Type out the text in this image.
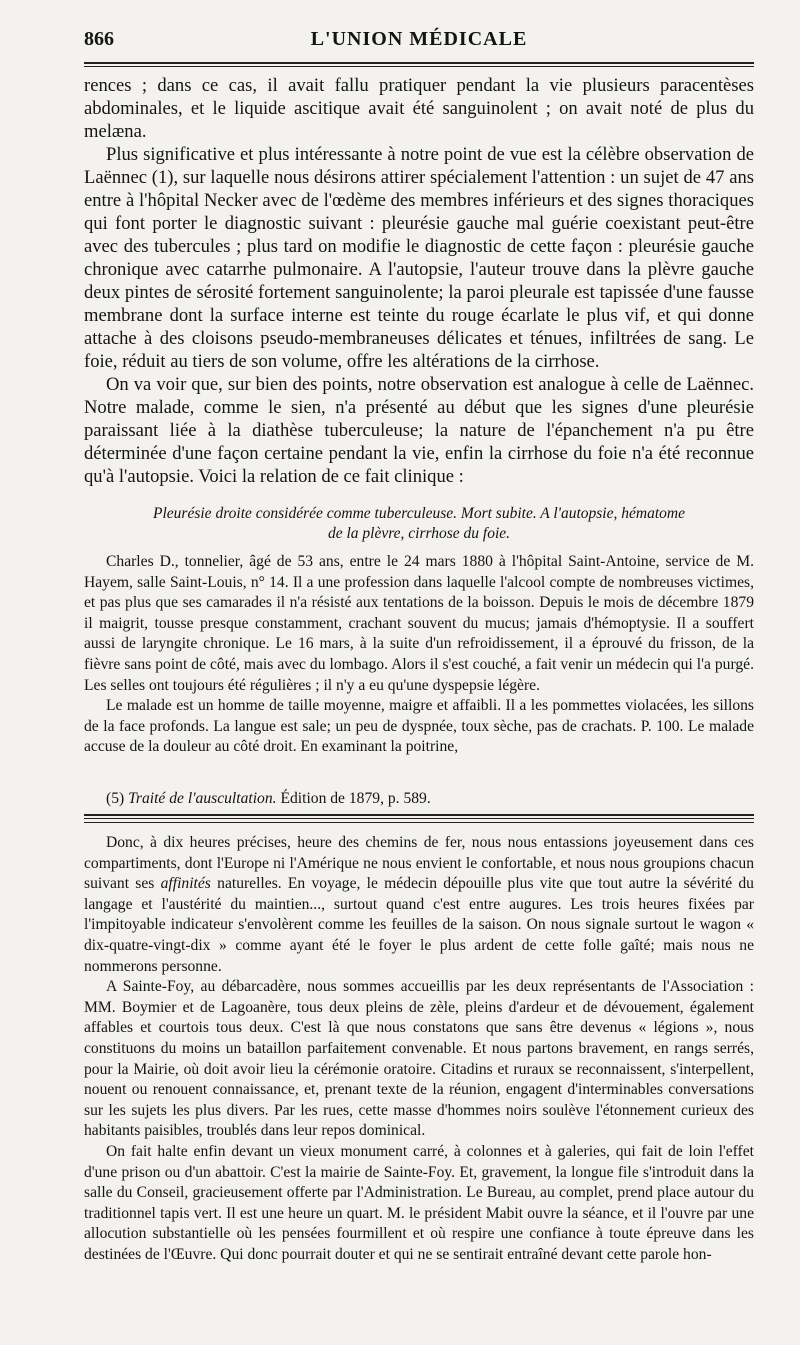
866	L'UNION MÉDICALE

rences ; dans ce cas, il avait fallu pratiquer pendant la vie plusieurs paracentèses abdominales, et le liquide ascitique avait été sanguinolent ; on avait noté de plus du melæna.

Plus significative et plus intéressante à notre point de vue est la célèbre observation de Laënnec (1), sur laquelle nous désirons attirer spécialement l'attention : un sujet de 47 ans entre à l'hôpital Necker avec de l'œdème des membres inférieurs et des signes thoraciques qui font porter le diagnostic suivant : pleurésie gauche mal guérie coexistant peut-être avec des tubercules ; plus tard on modifie le diagnostic de cette façon : pleurésie gauche chronique avec catarrhe pulmonaire. A l'autopsie, l'auteur trouve dans la plèvre gauche deux pintes de sérosité fortement sanguinolente; la paroi pleurale est tapissée d'une fausse membrane dont la surface interne est teinte du rouge écarlate le plus vif, et qui donne attache à des cloisons pseudo-membraneuses délicates et ténues, infiltrées de sang. Le foie, réduit au tiers de son volume, offre les altérations de la cirrhose.

On va voir que, sur bien des points, notre observation est analogue à celle de Laënnec. Notre malade, comme le sien, n'a présenté au début que les signes d'une pleurésie paraissant liée à la diathèse tuberculeuse; la nature de l'épanchement n'a pu être déterminée d'une façon certaine pendant la vie, enfin la cirrhose du foie n'a été reconnue qu'à l'autopsie. Voici la relation de ce fait clinique :

Pleurésie droite considérée comme tuberculeuse. Mort subite. A l'autopsie, hématome

de la plèvre, cirrhose du foie.

Charles D., tonnelier, âgé de 53 ans, entre le 24 mars 1880 à l'hôpital Saint-Antoine, service de M. Hayem, salle Saint-Louis, n° 14. Il a une profession dans laquelle l'alcool compte de nombreuses victimes, et pas plus que ses camarades il n'a résisté aux tentations de la boisson. Depuis le mois de décembre 1879 il maigrit, tousse presque constamment, crachant souvent du mucus; jamais d'hémoptysie. Il a souffert aussi de laryngite chronique. Le 16 mars, à la suite d'un refroidissement, il a éprouvé du frisson, de la fièvre sans point de côté, mais avec du lombago. Alors il s'est couché, a fait venir un médecin qui l'a purgé. Les selles ont toujours été régulières ; il n'y a eu qu'une dyspepsie légère.

Le malade est un homme de taille moyenne, maigre et affaibli. Il a les pommettes violacées, les sillons de la face profonds. La langue est sale; un peu de dyspnée, toux sèche, pas de crachats. P. 100. Le malade accuse de la douleur au côté droit. En examinant la poitrine,

(5) Traité de l'auscultation. Édition de 1879, p. 589.

Donc, à dix heures précises, heure des chemins de fer, nous nous entassions joyeusement dans ces compartiments, dont l'Europe ni l'Amérique ne nous envient le confortable, et nous nous groupions chacun suivant ses affinités naturelles. En voyage, le médecin dépouille plus vite que tout autre la sévérité du langage et l'austérité du maintien..., surtout quand c'est entre augures. Les trois heures fixées par l'impitoyable indicateur s'envolèrent comme les feuilles de la saison. On nous signale surtout le wagon « dix-quatre-vingt-dix » comme ayant été le foyer le plus ardent de cette folle gaîté; mais nous ne nommerons personne.

A Sainte-Foy, au débarcadère, nous sommes accueillis par les deux représentants de l'Association : MM. Boymier et de Lagoanère, tous deux pleins de zèle, pleins d'ardeur et de dévouement, également affables et courtois tous deux. C'est là que nous constatons que sans être devenus « légions », nous constituons du moins un bataillon parfaitement convenable. Et nous partons bravement, en rangs serrés, pour la Mairie, où doit avoir lieu la cérémonie oratoire. Citadins et ruraux se reconnaissent, s'interpellent, nouent ou renouent connaissance, et, prenant texte de la réunion, engagent d'interminables conversations sur les sujets les plus divers. Par les rues, cette masse d'hommes noirs soulève l'étonnement curieux des habitants paisibles, troublés dans leur repos dominical.

On fait halte enfin devant un vieux monument carré, à colonnes et à galeries, qui fait de loin l'effet d'une prison ou d'un abattoir. C'est la mairie de Sainte-Foy. Et, gravement, la longue file s'introduit dans la salle du Conseil, gracieusement offerte par l'Administration. Le Bureau, au complet, prend place autour du traditionnel tapis vert. Il est une heure un quart. M. le président Mabit ouvre la séance, et il l'ouvre par une allocution substantielle où les pensées fourmillent et où respire une confiance à toute épreuve dans les destinées de l'Œuvre. Qui donc pourrait douter et qui ne se sentirait entraîné devant cette parole hon-
